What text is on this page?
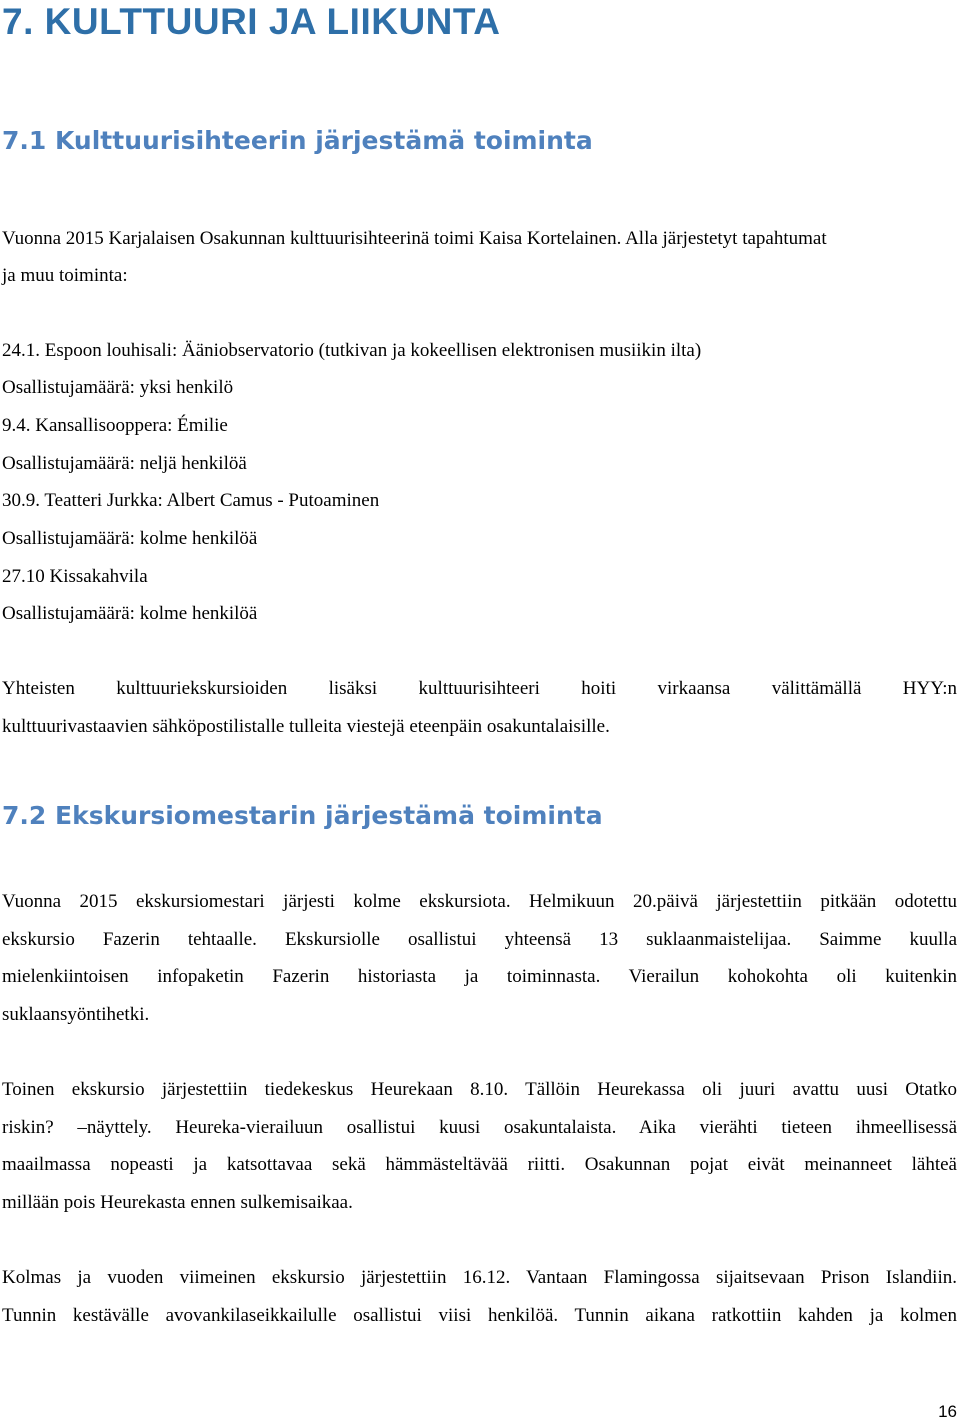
7. KULTTUURI JA LIIKUNTA
7.1 Kulttuurisihteerin järjestämä toiminta
Vuonna 2015 Karjalaisen Osakunnan kulttuurisihteerinä toimi Kaisa Kortelainen. Alla järjestetyt tapahtumat
ja muu toiminta:
24.1. Espoon louhisali: Ääniobservatorio (tutkivan ja kokeellisen elektronisen musiikin ilta)
Osallistujamäärä: yksi henkilö
9.4. Kansallisooppera: Émilie
Osallistujamäärä: neljä henkilöä
30.9. Teatteri Jurkka: Albert Camus - Putoaminen
Osallistujamäärä: kolme henkilöä
27.10 Kissakahvila
Osallistujamäärä: kolme henkilöä
Yhteisten kulttuuriekskursioiden lisäksi kulttuurisihteeri hoiti virkaansa välittämällä HYY:n
kulttuurivastaavien sähköpostilistalle tulleita viestejä eteenpäin osakuntalaisille.
7.2 Ekskursiomestarin järjestämä toiminta
Vuonna 2015 ekskursiomestari järjesti kolme ekskursiota. Helmikuun 20.päivä järjestettiin pitkään odotettu
ekskursio Fazerin tehtaalle. Ekskursiolle osallistui yhteensä 13 suklaanmaistelijaa. Saimme kuulla
mielenkiintoisen infopaketin Fazerin historiasta ja toiminnasta. Vierailun kohokohta oli kuitenkin
suklaansyöntihetki.
Toinen ekskursio järjestettiin tiedekeskus Heurekaan 8.10. Tällöin Heurekassa oli juuri avattu uusi Otatko
riskin? –näyttely. Heureka-vierailuun osallistui kuusi osakuntalaista. Aika vierähti tieteen ihmeellisessä
maailmassa nopeasti ja katsottavaa sekä hämmästeltävää riitti. Osakunnan pojat eivät meinanneet lähteä
millään pois Heurekasta ennen sulkemisaikaa.
Kolmas ja vuoden viimeinen ekskursio järjestettiin 16.12. Vantaan Flamingossa sijaitsevaan Prison Islandiin.
Tunnin kestävälle avovankilaseikkailulle osallistui viisi henkilöä. Tunnin aikana ratkottiin kahden ja kolmen
16
